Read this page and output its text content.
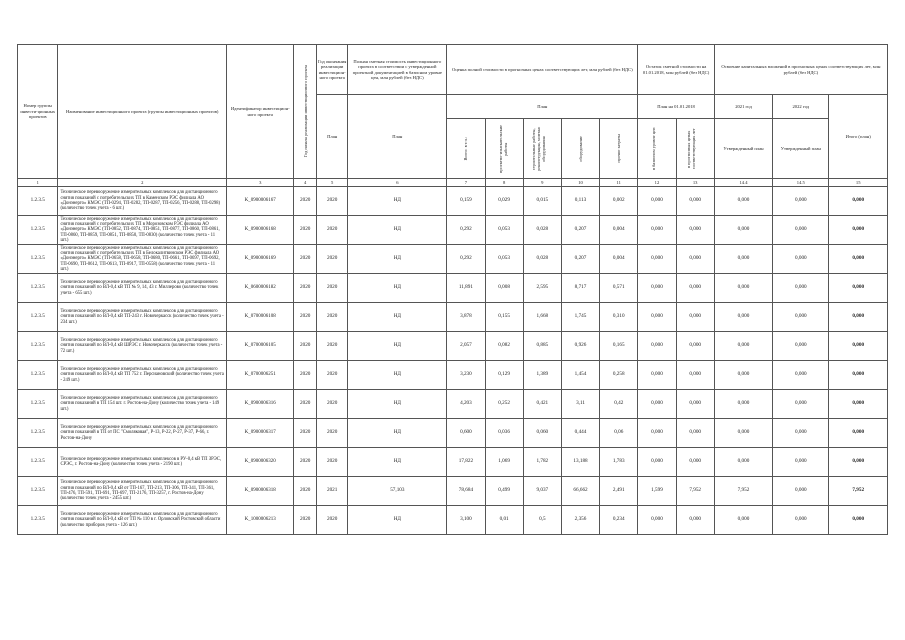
Номер группы инвести-ционных проектов	Наименование инвестиционного проекта (группы инвестиционных проектов)	Идентификатор инвестицион-ного проекта	Год начала реализации инвестиционного проекта	Год окончания реализации инвестицион-ного проекта	Полная сметная стоимость инвестиционного проекта в соответствии с утвержденной проектной документацией в базисном уровне цен, млн рублей (без НДС)	Оценка полной стоимости в прогнозных ценах соответствующих лет, млн рублей (без НДС)					Остаток сметной стоимости на 01.01.2018, млн рублей (без НДС)		Освоение капитальных вложений в прогнозных ценах соответствующих лет, млн рублей (без НДС)		
				План	План	План					План на 01.01.2018		2021 год	2022 год	Итого (план)

						Всего: в т.ч.:	проектно-изыскательские работы	строительные работы, реконструкция, монтаж оборудования	оборудование	прочие затраты	в базисном уровне цен	в прогнозных ценах соответствующих лет	Утвержденный план	Утвержденный план	
1	2	3	4	5	6	7	8	9	10	11	12	13	14.4	14.5	15
1.2.3.5	Техническое перевооружение измерительных комплексов для дистанционного снятия показаний с потребительских ТП в Каменском РЭС филиала АО «Донэнерго» КМЭС (ТП-0294, ТП-0282, ТП-0287, ТП-0256, ТП-0288, ТП-0298) (количество точек учета - 6 шт.)	K_0900006167	2020	2020	НД	0,159	0,029	0,015	0,113	0,002	0,000	0,000	0,000	0,000	0,000
1.2.3.5	Техническое перевооружение измерительных комплексов для дистанционного снятия показаний с потребительских ТП в Морозовском РЭС филиала АО «Донэнерго» КМЭС (ТП-0852, ТП-0874, ТП-0851, ТП-0877, ТП-0860, ТП-0861, ТП-0860, ТП-0859, ТП-0851, ТП-0850, ТП-0830) (количество точек учета - 11 шт.)	K_0900006168	2020	2020	НД	0,292	0,053	0,028	0,207	0,004	0,000	0,000	0,000	0,000	0,000
1.2.3.5	Техническое перевооружение измерительных комплексов для дистанционного снятия показаний с потребительских ТП в Белокалитвинском РЭС филиала АО «Донэнерго» КМЭС (ТП-0658, ТП-0658, ТП-0680, ТП-0661, ТП-0697, ТП-0692, ТП-0690, ТП-0612, ТП-0613, ТП-0917, ТП-0558) (количество точек учета - 11 шт.)	K_0900006169	2020	2020	НД	0,292	0,053	0,028	0,207	0,004	0,000	0,000	0,000	0,000	0,000
1.2.3.5	Техническое перевооружение измерительных комплексов для дистанционного снятия показаний по ВЛ-0,4 кВ ТП № 9, 14, 43 г. Миллерово (количество точек учета - 655 шт.)	K_0600006182	2020	2020	НД	11,891	0,008	2,595	8,717	0,571	0,000	0,000	0,000	0,000	0,000
1.2.3.5	Техническое перевооружение измерительных комплексов для дистанционного снятия показаний по ВЛ-0,4 кВ ТП-243 г. Новочеркасск (количество точек учета - 234 шт.)	K_0700006108	2020	2020	НД	3,878	0,155	1,668	1,745	0,310	0,000	0,000	0,000	0,000	0,000
1.2.3.5	Техническое перевооружение измерительных комплексов для дистанционного снятия показаний по ВЛ-0,4 кВ ШРЭС г. Новочеркасск (количество точек учета - 72 шт.)	K_0700006105	2020	2020	НД	2,057	0,082	0,885	0,926	0,165	0,000	0,000	0,000	0,000	0,000
1.2.3.5	Техническое перевооружение измерительных комплексов для дистанционного снятия показаний по ВЛ-0,4 кВ ТП 752 г. Персиановский (количество точек учета - 249 шт.)	K_0700006251	2020	2020	НД	3,230	0,129	1,389	1,454	0,258	0,000	0,000	0,000	0,000	0,000
1.2.3.5	Техническое перевооружение измерительных комплексов для дистанционного снятия показаний в ТП 154 шт. г. Ростов-на-Дону (количество точек учета - 149 шт.)	K_0900006316	2020	2020	НД	4,203	0,252	0,421	3,11	0,42	0,000	0,000	0,000	0,000	0,000
1.2.3.5	Техническое перевооружение измерительных комплексов для дистанционного снятия показаний в ТП от ПС "Смоляковая", Р-13, Р-22, Р-27, Р-37, Р-66, г. Ростов-на-Дону	K_0900006317	2020	2020	НД	0,600	0,036	0,060	0,444	0,06	0,000	0,000	0,000	0,000	0,000
1.2.3.5	Техническое перевооружение измерительных комплексов в РУ-0,4 кВ ТП ЗРЭС, СРЭС, г. Ростов-на-Дону (количество точек учета - 2190 шт.)	K_0900006320	2020	2020	НД	17,822	1,069	1,782	13,188	1,783	0,000	0,000	0,000	0,000	0,000
1.2.3.5	Техническое перевооружение измерительных комплексов для дистанционного снятия показаний по ВЛ-0,4 кВ от ТП-167, ТП-213, ТП-306, ТП-341, ТП-361, ТП-476, ТП-591, ТП-691, ТП-697, ТП-2176, ТП-3257, г. Ростов-на-Дону (количество точек учета - 2455 шт.)	K_0900006318	2020	2021	57,103	78,684	0,499	9,037	66,662	2,491	1,599	7,952	7,952	0,000	7,952
1.2.3.5	Техническое перевооружение измерительных комплексов для дистанционного снятия показаний по ВЛ-0,4 кВ от ТП № 110 в г. Орловский Ростовской области (количество приборов учета - 126 шт.)	K_1000006213	2020	2020	НД	3,100	0,01	0,5	2,356	0,234	0,000	0,000	0,000	0,000	0,000
